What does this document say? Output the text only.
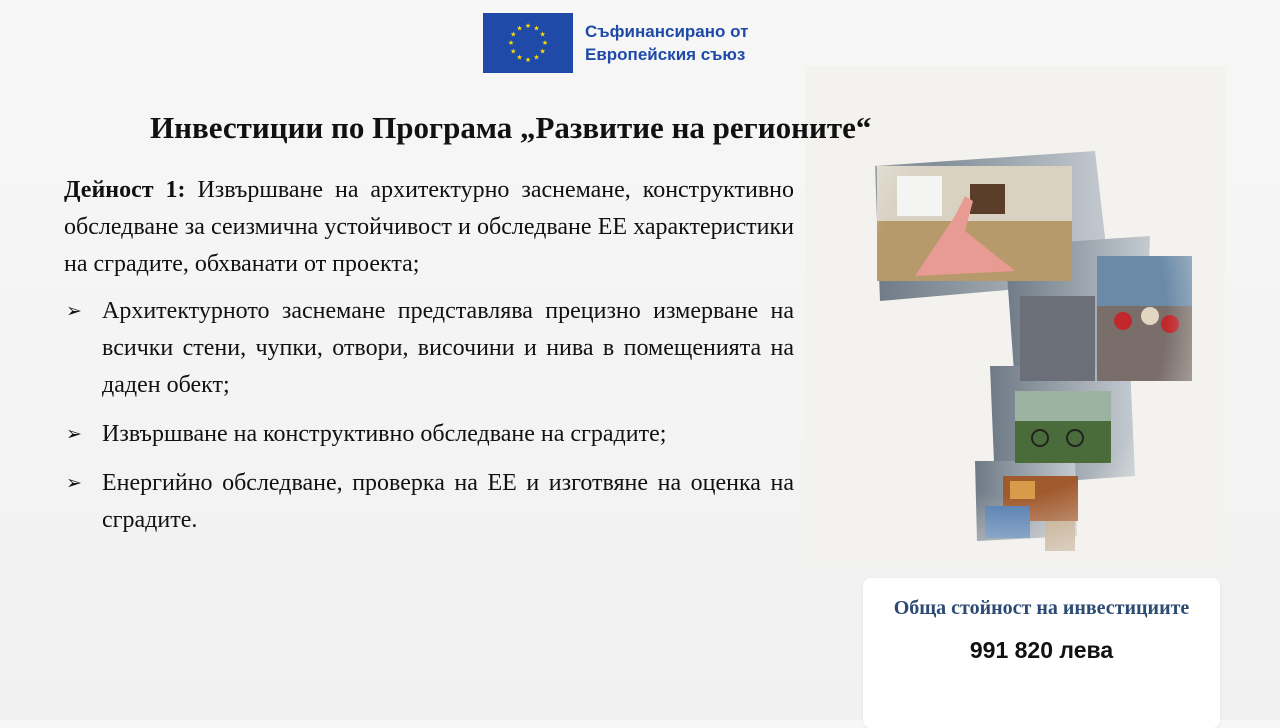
★ ★
★
★
★
★
★
★
★
★
★
★	Съфинансирано от
Европейския съюз
Инвестиции по Програма „Развитие на регионите“

Дейност 1: Извършване на архитектурно заснемане, конструктивно обследване за сеизмична устойчивост и обследване ЕЕ характеристики на сградите, обхванати от проекта;

➢ Архитектурното заснемане представлява прецизно измерване на всички стени, чупки, отвори, височини и нива в помещенията на даден обект;
➢ Извършване на конструктивно обследване на сградите;
➢ Енергийно обследване, проверка на ЕЕ и изготвяне на оценка на сградите.
Обща стойност на инвестициите
991 820 лева
